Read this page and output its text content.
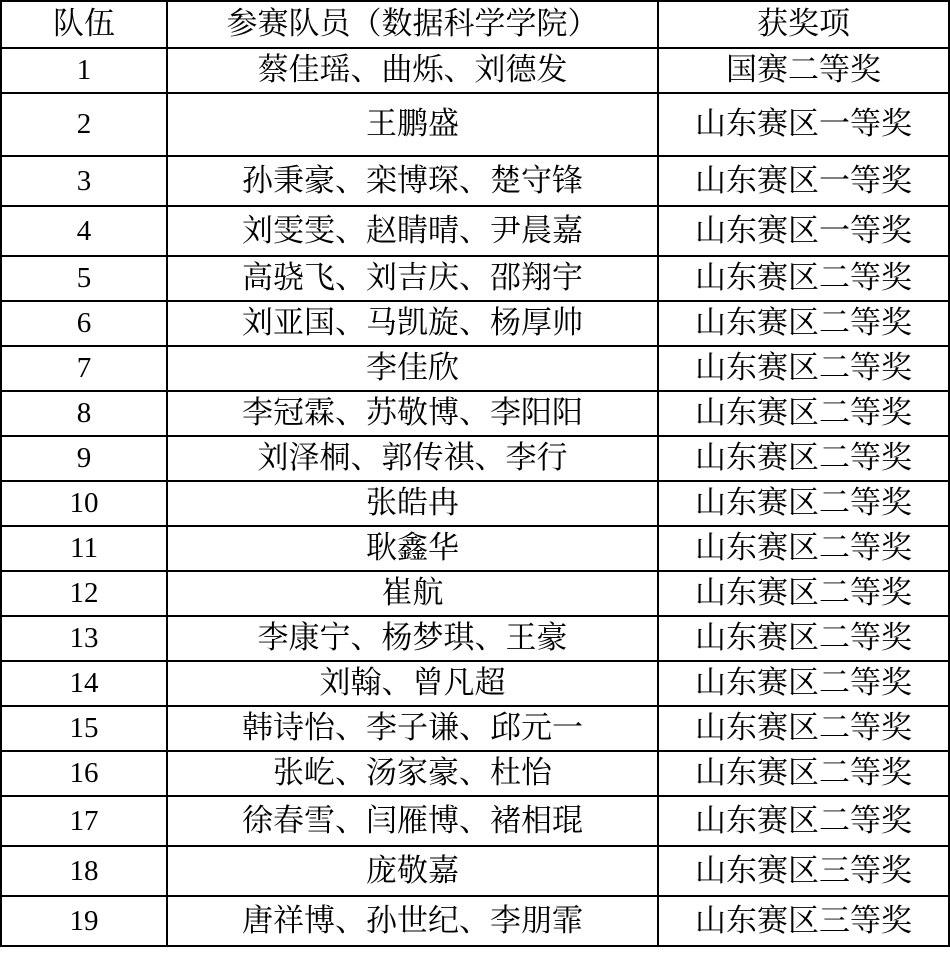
队伍	参赛队员（数据科学学院）	获奖项
1	蔡佳瑶、曲烁、刘德发	国赛二等奖
2	王鹏盛	山东赛区一等奖
3	孙秉豪、栾博琛、楚守锋	山东赛区一等奖
4	刘雯雯、赵睛晴、尹晨嘉	山东赛区一等奖
5	高骁飞、刘吉庆、邵翔宇	山东赛区二等奖
6	刘亚国、马凯旋、杨厚帅	山东赛区二等奖
7	李佳欣	山东赛区二等奖
8	李冠霖、苏敬博、李阳阳	山东赛区二等奖
9	刘泽桐、郭传祺、李行	山东赛区二等奖
10	张皓冉	山东赛区二等奖
11	耿鑫华	山东赛区二等奖
12	崔航	山东赛区二等奖
13	李康宁、杨梦琪、王豪	山东赛区二等奖
14	刘翰、曾凡超	山东赛区二等奖
15	韩诗怡、李子谦、邱元一	山东赛区二等奖
16	张屹、汤家豪、杜怡	山东赛区二等奖
17	徐春雪、闫雁博、褚相琨	山东赛区二等奖
18	庞敬嘉	山东赛区三等奖
19	唐祥博、孙世纪、李朋霏	山东赛区三等奖
